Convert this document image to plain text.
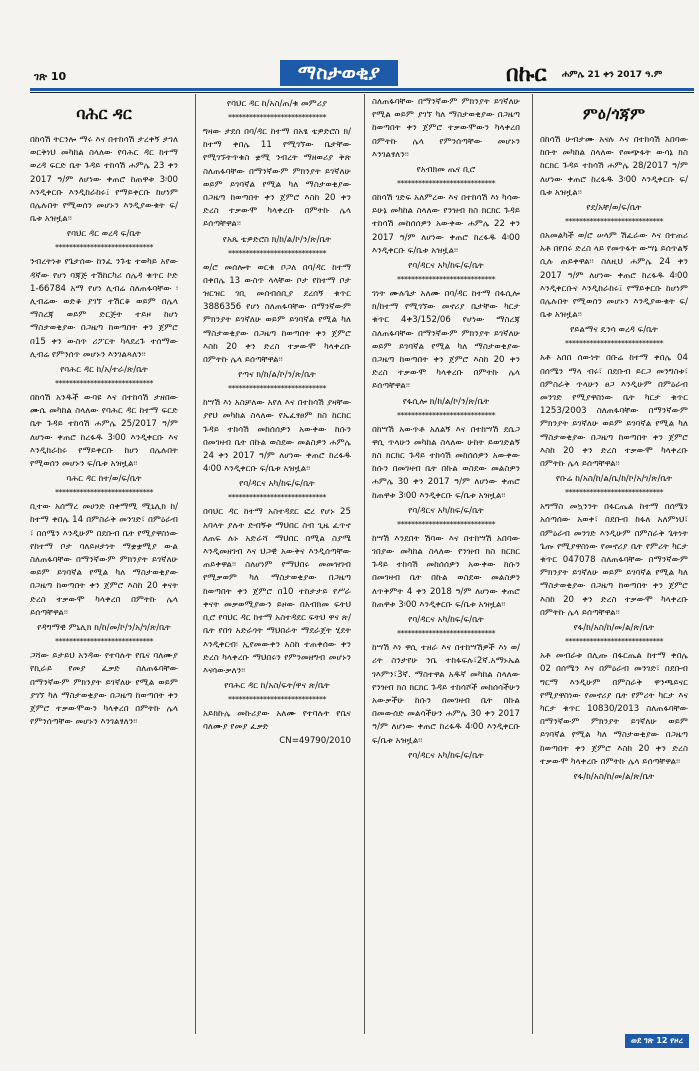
ገጽ 10	ማስታወቂያ	በኩር ሐምሌ 21 ቀን 2017 ዓ.ም
ባሕር ዳር

በከሳሽ ትርንሎ ማሩ እና በተከሳሽ ታረቀኝ ታገለ ወርቅነህ መካከል ስላለው የባሕር ዳር ከተማ ወረዳ ፍርድ ቤት ጉዳይ ተከሳሽ ሐምሌ 23 ቀን 2017 ዓ/ም ለሆነው ቀጠሮ ከጠዋቱ 3፡00 እንዲቀርቡ እንዲከራከሩ፤ የማይቀርቡ ከሆነም በሌሉበት የሚወሰን መሆኑን እንዲያውቁት ፍ/ቤቱ አዝዟል፡፡

የባህር ዳር ወረዳ ፍ/ቤት
****************************

ንብረትነቱ የጌታሰው ከንፈ ንጉቴ ተወካይ አየው ዳኛው የሆነ ባጃጅ ተሽከርካሪ ሰሌዳ ቁጥር ኮድ 1-66784 አማ የሆነ ሊብሬ ስለጠፋባቸው ፡ሊብሬው ወድቆ ያገኘ ተሽርቆ ወይም በሌላ ማስረጃ ወይም ድርጅት ተይዞ ከሆነ ማስታወቂያው በጋዜጣ ከወጣበት ቀን ጀምሮ በ15 ቀን ውስጥ ሪፖርት ካላደረጉ ተሰማው ሊብሬ የምንሰጥ መሆኑን እንገልጻለን፡፡

የባሕር ዳር ከ/አ/ተራ/ጽ/ቤት
****************************

በከሳሽ አንዱች ውባዩ እና በተከሳሽ ታዘበው ሙሴ መካከል ስላለው የባሕር ዳር ከተማ ፍርድ ቤት ጉዳይ ተከሳሽ ሐምሌ 25/2017 ዓ/ም ለሆነው ቀጠሮ ከረፋዱ 3፡00 እንዲቀርቡ እና እንዲከራከሩ የማይቀርቡ ከሆነ በሌሉበት የሚወሰን መሆኑን ፍ/ቤቱ አዝዟል፡፡

ባሕር ዳር ከተ/ወ/ፍ/ቤት
****************************

ቢተው አሰማረ መሀንድ በቀማሚ ሚኒሊክ ከ/ከተማ ቀበሌ 14 በምስራቅ መንገድ፣ በምዕራብ ፣ በሰሜን እንዲሁም በደቡብ ቤት የሚያዋስነው የከተማ ቦታ ባለይዞታነት ማቋቋሚያ ውል ስለጠፋባቸው በማንኛውም ምክንያት ይገኛለሁ ወይም ይገባኛል የሚል ካለ ማስታወቂያው በጋዜጣ ከወጣበት ቀን ጀምሮ እስከ 20 ቀናት ድረስ ተቃውሞ ካላቀረበ በምትኩ ሌላ ይሰጣቸዋል፡፡

የዳግማዊ ምኒሊክ ክ/ከ/መ/ኮ/ን/አ/ገ/ጽ/ቤት
****************************

ጋሻው ይታይህ አንዳው የተባሉት የቤና ባለሙያ የኪራይ የመያ ፈቃድ ስለጠፋባቸው በማንኛውም ምክንያት ይገኛለሁ የሚል ወይም ያገኘ ካለ ማስታወቂያው በጋዜጣ ከወጣበት ቀን ጀምሮ ተቃውሞውን ካላቀረበ በምትኩ ሌላ የምንሰጣቸው መሆኑን እንገልፃለን፡፡

የባህር ዳር ከ/አስ/ጠ/ቁ መምሪያ
****************************

ግዛው ታደሰ በባ/ዳር ከተማ በአፄ ቴዎድሮስ ክ/ከተማ ቀበሌ 11 የሚገኘው ቤታቸው የሚገኙትጥቁስ ቋሚ ንብረት ማዘወሪያ ቅጽ ስለጠፋባቸው በማንኛውም ምክንያት ይገኛለሁ ወይም ይገባኛል የሚል ካለ ማስታወቂያው በጋዜጣ ከወጣበት ቀን ጀምሮ እስከ 20 ቀን ድረስ ተቃውሞ ካላቀረቡ በምትኩ ሌላ ይሰጣቸዋል፡፡

የአጼ ቴዎድሮስ ክ/ከ/ል/ኮ/ን/ጽ/ቤት
****************************

ወ/ሮ መሰሎት ወርቁ ቦጋለ በባ/ዳር ከተማ በቀበሌ 13 ውስጥ ላላቸው ቦታ የከተማ ቦታ ዝርዝር ገቢ መሰብሰቢያ ደረሰኝ ቁጥር 3886356 የሆነ ስለጠፋባቸው በማንኛውም ምክንያት ይገኛለሁ ወይም ይገባኛል የሚል ካለ ማስታወቂያው በጋዜጣ ከወጣበት ቀን ጀምሮ እስከ 20 ቀን ድረስ ተቃውሞ ካላቀረቡ በምትኩ ሌላ ይሰጣቸዋል፡፡

የጣና ክ/ከ/ል/ኮ/ን/ጽ/ቤት
****************************

ከሣሽ እነ አስቻለው አየለ እና በተከሳሽ ያዛቸው ያየህ መካከል ስላለው የኤፈፃፀም ክስ ከርከር ጉዳይ ተከሳሽ መከሰሰዎን አውቀው ከሱን በመገዛብ ቤት በኩል ወስደው መልስዎን ሐምሌ 24 ቀን 2017 ዓ/ም ለሆነው ቀጠሮ ከረፋዱ 4፡00 እንዲቀርቡ ፍ/ቤቱ አዝዟል፡፡

የባ/ዳርና አካ/ከፍ/ፍ/ቤት
****************************

በባህር ዳር ከተማ አስተዳደር ፎረ የሆኑ 25 አባላት ያሉት ድብኝቱ ማህበር ስብ ጊዜ ፈጥኖ ለጠፍ ሉኑ አድራሻ ማህበር በሚል ስያሜ እንዲመዘገብ እና ህጋዊ አውቅና እንዲሰጣቸው ጠይቀዋል፡፡ ስለሆነም የማህበሩ መመዝገብ የሚቃወም ካለ ማስታወቂያው በጋዜጣ ከወጣበት ቀን ጀምሮ በ10 ተከታታይ የሥራ ቀናት መቃወሚያውን ይዞው በአብክመ ፍትህ ቢሮ የባህር ዳር ከተማ አስተዳደር ፍትህ ዋና ጽ/ቤት የበጎ አድራጎት ማህበራት ማደራጀት ሂደት እንዲቀርብ፡ ኢየመውቀን አስከ ተጠቀሰው ቀን ድረስ ካላቀረቡ ማህበሩን የምንመዘግብ መሆኑን እናሳውቃለን፡፡

የባሕር ዳር ከ/አስ/ፍት/ዋና ጽ/ቤት
****************************

አይክኩሌ መኩሪያው አለሙ የተባሉት የቤና ባለሙያ የመያ ፈቃድ

CN=49790/2010

ስለጠፋባቸው በማንኛውም ምክንያት ይገኛለሁ የሚል ወይም ያገኘ ካለ ማስታወቂያው በጋዜጣ ከወጣበት ቀን ጀምሮ ተቃውሞውን ካላቀረበ በምትኩ ሌላ የምንሰጣቸው መሆኑን እንገልፃለን፡፡

የአብክመ ጤና ቢሮ
****************************

በከሳሽ ገድፍ አለምረው እና በተከሳሽ እነ ካሳው ይሁኔ መካከል ስላለው የንዝብ ክስ ክርክር ጉዳይ ተከሳሽ መከሰሰዎን አውቀው ሐምሌ 22 ቀን 2017 ዓ/ም ለሆነው ቀጠሮ ከረፋዱ 4፡00 እንዲቀርቡ ፍ/ቤቱ አዝዟል፡፡

የባ/ዳርና አካ/ከፍ/ፍ/ቤት
****************************

ገነት ሙሉጌታ አለሙ በባ/ዳር ከተማ በፋሲሎ ክ/ከተማ የሚገኘው መኖሪያ ቤታቸው ካርታ ቁጥር 4ቀ3/152/06 የሆነው ማስረጃ ስለጠፋባቸው በማንኛውም ምክንያት ይገኛለሁ ወይም ይገባኛል የሚል ካለ ማስታወቂያው በጋዜጣ ከወጣበት ቀን ጀምሮ እስከ 20 ቀን ድረስ ተቃውሞ ካላቀረቡ በምትኩ ሌላ ይሰጣቸዋል፡፡

የፋሲሎ ክ/ከ/ል/ኮ/ን/ጽ/ቤት
****************************

በከሣሽ አውጥቶ አለልኝ እና በተከሣሽ ደሴጋ ዋሲ ጥላሁን መካከል ስላለው ሁከት ይወገድልኝ ክስ ክርክር ጉዳይ ተከሳሽ መከሰሰዎን አውቀው ከሱን በመገዛብ ቤት በኩል ወስደው መልስዎን ሐምሌ 30 ቀን 2017 ዓ/ም ለሆነው ቀጠሮ ከጠዋቱ 3፡00 እንዲቀርቡ ፍ/ቤቱ አዝዟል፡፡

የባ/ዳርና አካ/ከፍ/ፍ/ቤት
****************************

ከሣሽ እንደበት ሽባው እና በተከሣሽ አበባው ገበያው መካከል ስላለው የንዝብ ክስ ክርክር ጉዳይ ተከሳሽ መከሰሰዎን አውቀው ከሱን በመገዛብ ቤት በኩል ወስደው መልስዎን ለጥቅምት 4 ቀን 2018 ዓ/ም ለሆነው ቀጠሮ ከጠዋቱ 3፡00 እንዲቀርቡ ፍ/ቤቱ አዝዟል፡፡

የባ/ዳርና አካ/ከፍ/ፍ/ቤት
****************************

ከሣሽ እነ ዋሲ ተዘራ እና በተከሣሽዎች እነ ወ/ሪት ስንታየሁ ንቤ ተከፋፍሉ፣2ኛ.አማኑኤል ገእምን፣3ኛ. ማስተዋል አዱኛ መካከል ስላለው የንዝብ ክስ ክርክር ጉዳይ ተከሳሾች መከሰሳችሁን አውቃችሁ ከሱን በመገዛብ ቤት በኩል በመውሰድ መልሳችሁን ሐምሌ 30 ቀን 2017 ዓ/ም ለሆነው ቀጠሮ ከረፋዱ 4፡00 እንዲቀርቡ ፍ/ቤቱ አዝዟል፡፡

የባ/ዳርና አካ/ከፍ/ፍ/ቤት
ምዕ/ጎጃም

በከሳሽ ሁብታሙ አናሉ እና በተከሳሽ አበባው ከቡት መካከል ስላለው የመጭፋት ውሳኔ ክስ ከርክር ጉዳይ ተከሳሽ ሐምሌ 28/2017 ዓ/ም ለሆነው ቀጠሮ ከረፋዱ 3፡00 እንዲቀርቡ ፍ/ቤቱ አዝዟል፡፡

የደ/አቸ/ወ/ፍ/ቤት
****************************

በአመልካች ወ/ሮ ሠላም ሽፈራው እና በተጠሪ አቶ በየበሩ ድረስ ላይ የመጥፋት ውሣኔ ይሰጥልኝ ሲሉ ጠይቀዋል፡፡ ስለዚህ ሐምሌ 24 ቀን 2017 ዓ/ም ለሆነው ቀጠሮ ከረፋዱ 4፡00 እንዲቀርቡና እንዲከራከሩ፤ የማይቀርቡ ከሆነም በሌሉበት የሚወሰን መሆኑን እንዲያውቁት ፍ/ቤቱ አዝዟል፡፡

የይልማና ዴንሳ ወረዳ ፍ/ቤት
****************************

አቶ አበበ ሰውነት በቡሬ ከተማ ቀበሌ 04 በሰሜን ማላ ብሩ፣ በደቡብ ይርጋ መንግስቱ፣ በምስራቅ ጥላሁን ፀጋ እንዲሁም በምዕራብ መንገድ የሚያዋስነው ቤት ካርታ ቁጥር 1253/2003 ስለጠፋባቸው በማንኛውም ምክንያት ይገኛለሁ ወይም ይገባኛል የሚል ካለ ማስታወቂያው በጋዜጣ ከወጣበት ቀን ጀምሮ እስከ 20 ቀን ድረስ ተቃውሞ ካላቀረቡ በምትኩ ሌላ ይሰጣቸዋል፡፡

የቡሬ ከ/አስ/ከ/ል/ቤ/ከ/ኮ/አ/ገ/ጽ/ቤት
****************************

አግማስ መኳንንት በፋርጤል ከተማ በሰሜን አሰጣሰው አወቀ፣ በደቡብ ከፋለ አለምነህ፣ በምዕራብ መንገድ እንዲሁም በምስራቅ ጌትነት ጌጡ የሚያዋስነው የመኖሪያ ቤት የምሪት ካርታ ቁጥር 047078 ስለጠፋባቸው በማንኛውም ምክንያት ይገኛለሁ ወይም ይገባኛል የሚል ካለ ማስታወቂያው በጋዜጣ ከወጣበት ቀን ጀምሮ እስከ 20 ቀን ድረስ ተቃውሞ ካላቀረቡ በምትኩ ሌላ ይሰጣቸዋል፡፡

የፋ/ከ/አስ/ከ/መ/ል/ጽ/ቤት
****************************

አቶ መብራቱ በሊጡ በፋርጤል ከተማ ቀበሌ 02 በሰሜን እና በምዕራብ መንገድ፣ በደቡብ ግርማ እንዲሁም በምስራቅ ዋንጫይናር የሚያዋስነው የመኖሪያ ቤት የምሪት ካርታ እና ካርታ ቁጥር 10830/2013 ስለጠፋባቸው በማንኛውም ምክንያት ይገኛለሁ ወይም ይገባኛል የሚል ካለ ማስታወቂያው በጋዜጣ ከወጣበት ቀን ጀምሮ እስከ 20 ቀን ድረስ ተቃውሞ ካላቀረቡ በምትኩ ሌላ ይሰጣቸዋል፡፡

የፋ/ከ/አስ/ከ/መ/ል/ጽ/ቤት
ወደ ገጽ 12 የዞረ
